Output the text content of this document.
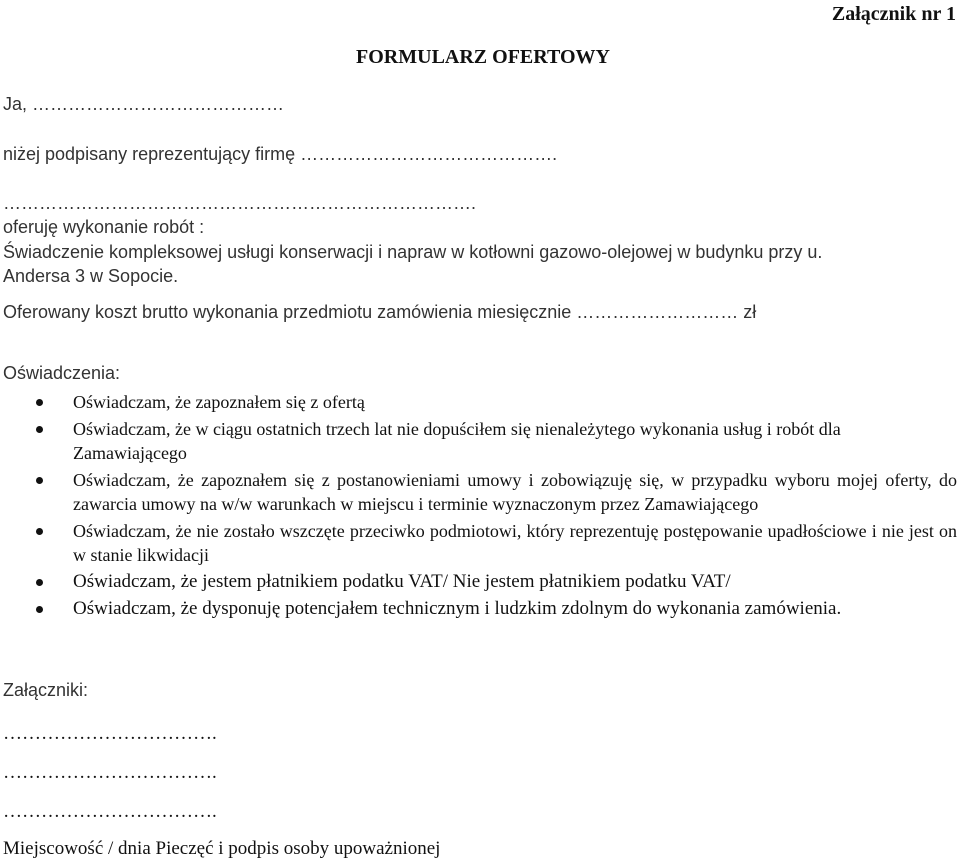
Załącznik nr 1
FORMULARZ OFERTOWY
Ja, ……………………………………
niżej podpisany reprezentujący firmę …………………………………….
…………………………………………………………………….
oferuję wykonanie robót :
Świadczenie kompleksowej usługi konserwacji i napraw w kotłowni gazowo-olejowej w budynku przy u.
Andersa 3 w Sopocie.
Oferowany koszt brutto wykonania przedmiotu zamówienia miesięcznie ……………………… zł
Oświadczenia:
Oświadczam, że zapoznałem się z ofertą
Oświadczam, że w ciągu ostatnich trzech lat nie dopuściłem się nienależytego wykonania usług i robót dla Zamawiającego
Oświadczam, że zapoznałem się z postanowieniami umowy i zobowiązuję się, w przypadku wyboru mojej oferty, do zawarcia umowy na w/w warunkach w miejscu i terminie wyznaczonym przez Zamawiającego
Oświadczam, że nie zostało wszczęte przeciwko podmiotowi, który reprezentuję postępowanie upadłościowe i nie jest on w stanie likwidacji
Oświadczam, że jestem płatnikiem podatku VAT/ Nie jestem płatnikiem podatku VAT/
Oświadczam, że dysponuję potencjałem technicznym i ludzkim zdolnym do wykonania zamówienia.
Załączniki:
…………………………….
…………………………….
…………………………….
Miejscowość / dnia Pieczęć i podpis osoby upoważnionej
